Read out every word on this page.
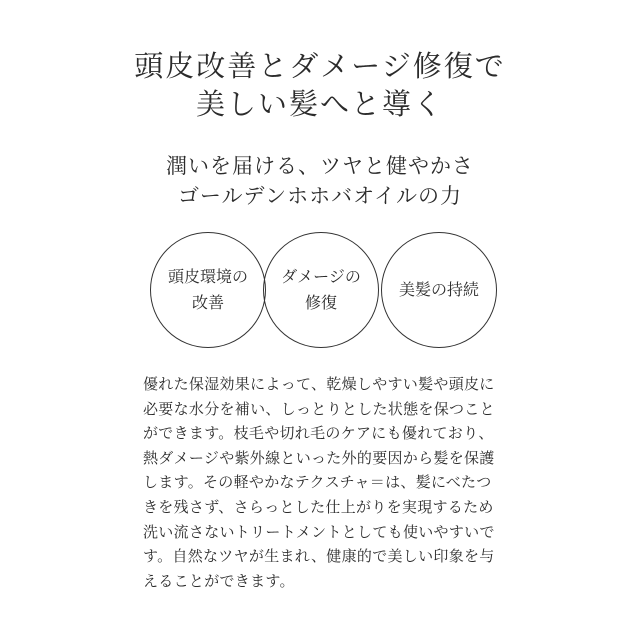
頭皮改善とダメージ修復で
美しい髪へと導く

潤いを届ける、ツヤと健やかさ

ゴールデンホホバオイルの力

頭皮環境の
改善
ダメージの
修復
美髪の持続
優れた保湿効果によって、乾燥しやすい髪や頭皮に
必要な水分を補い、しっとりとした状態を保つこと
ができます。枝毛や切れ毛のケアにも優れており、
熱ダメージや紫外線といった外的要因から髪を保護
します。その軽やかなテクスチャ＝は、髪にべたつ
きを残さず、さらっとした仕上がりを実現するため
洗い流さないトリートメントとしても使いやすいで
す。自然なツヤが生まれ、健康的で美しい印象を与
えることができます。
